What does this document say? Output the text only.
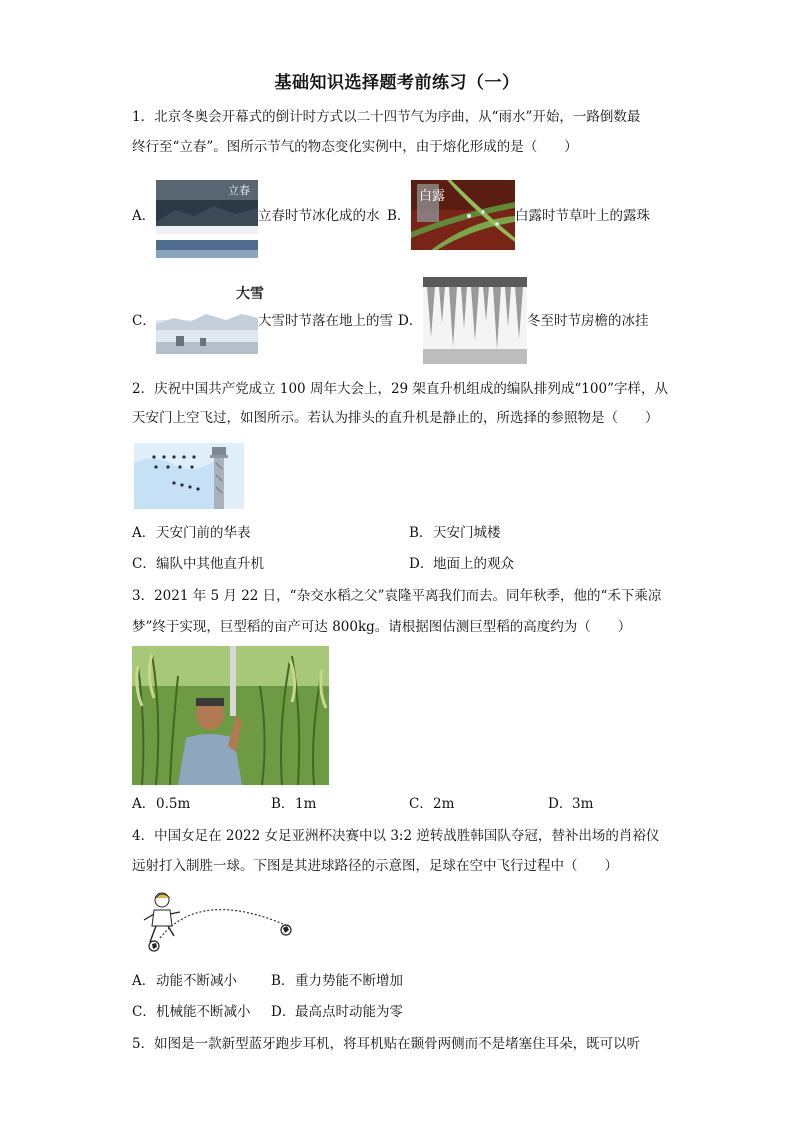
基础知识选择题考前练习（一）
1．北京冬奥会开幕式的倒计时方式以二十四节气为序曲，从“雨水”开始，一路倒数最
终行至“立春”。图所示节气的物态变化实例中，由于熔化形成的是（　　）
A．
立春
立春时节冰化成的水 B．
白露
白露时节草叶上的露珠
C．
大雪
大雪时节落在地上的雪 D．	冬至时节房檐的冰挂
2．庆祝中国共产党成立 100 周年大会上，29 架直升机组成的编队排列成“100”字样，从
天安门上空飞过，如图所示。若认为排头的直升机是静止的，所选择的参照物是（　　）
A． 天安门前的华表	B． 天安门城楼
C． 编队中其他直升机	D． 地面上的观众
3．2021 年 5 月 22 日，“杂交水稻之父”袁隆平离我们而去。同年秋季，他的“禾下乘凉
梦”终于实现，巨型稻的亩产可达 800kg。请根据图估测巨型稻的高度约为（　　）
A． 0.5m	B． 1m	C． 2m	D． 3m
4．中国女足在 2022 女足亚洲杯决赛中以 3:2 逆转战胜韩国队夺冠，替补出场的肖裕仪
远射打入制胜一球。下图是其进球路径的示意图，足球在空中飞行过程中（　　）
A． 动能不断减小	B． 重力势能不断增加
C． 机械能不断减小 D． 最高点时动能为零
5．如图是一款新型蓝牙跑步耳机，将耳机贴在颞骨两侧而不是堵塞住耳朵，既可以听
